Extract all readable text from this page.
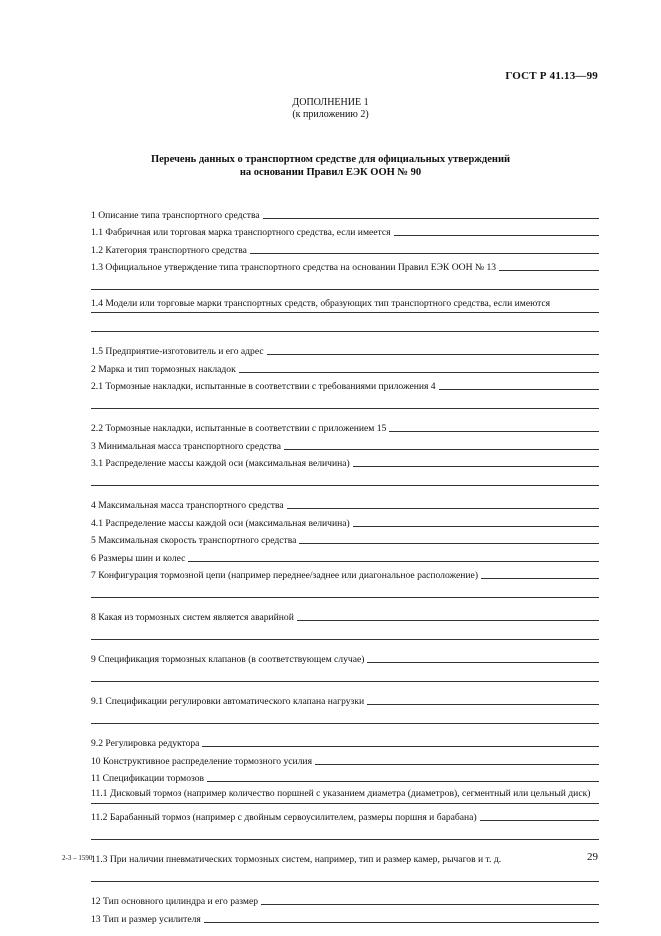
ГОСТ Р 41.13—99
ДОПОЛНЕНИЕ 1
(к приложению 2)
Перечень данных о транспортном средстве для официальных утверждений
на основании Правил ЕЭК ООН № 90
1 Описание типа транспортного средства
1.1 Фабричная или торговая марка транспортного средства, если имеется
1.2 Категория транспортного средства
1.3 Официальное утверждение типа транспортного средства на основании Правил ЕЭК ООН № 13
1.4 Модели или торговые марки транспортных средств, образующих тип транспортного средства, если имеются
1.5 Предприятие-изготовитель и его адрес
2 Марка и тип тормозных накладок
2.1 Тормозные накладки, испытанные в соответствии с требованиями приложения 4
2.2 Тормозные накладки, испытанные в соответствии с приложением 15
3 Минимальная масса транспортного средства
3.1 Распределение массы каждой оси (максимальная величина)
4 Максимальная масса транспортного средства
4.1 Распределение массы каждой оси (максимальная величина)
5 Максимальная скорость транспортного средства
6 Размеры шин и колес
7 Конфигурация тормозной цепи (например переднее/заднее или диагональное расположение)
8 Какая из тормозных систем является аварийной
9 Спецификация тормозных клапанов (в соответствующем случае)
9.1 Спецификации регулировки автоматического клапана нагрузки
9.2 Регулировка редуктора
10 Конструктивное распределение тормозного усилия
11 Спецификации тормозов
11.1 Дисковый тормоз (например количество поршней с указанием диаметра (диаметров), сегментный или цельный диск)
11.2 Барабанный тормоз (например с двойным сервоусилителем, размеры поршня и барабана)
11.3 При наличии пневматических тормозных систем, например, тип и размер камер, рычагов и т. д.
12 Тип основного цилиндра и его размер
13 Тип и размер усилителя
2-3 – 1590	29
